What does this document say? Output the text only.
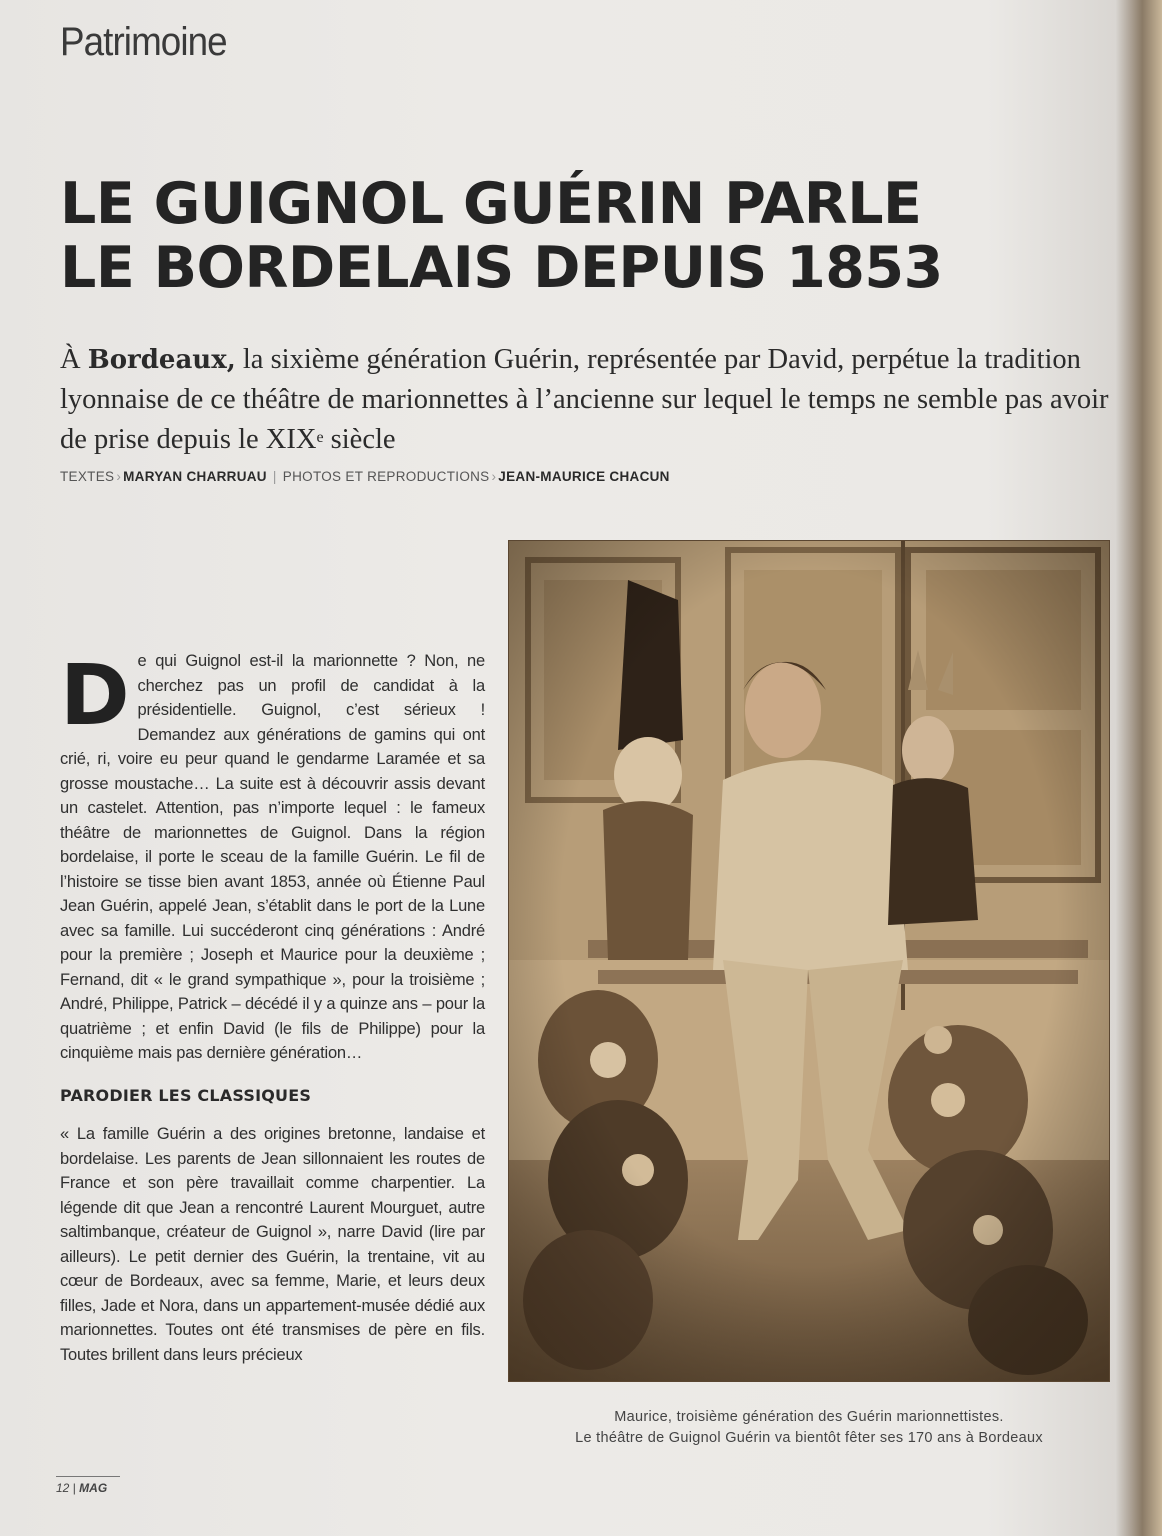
Patrimoine
LE GUIGNOL GUÉRIN PARLE
LE BORDELAIS DEPUIS 1853
À Bordeaux, la sixième génération Guérin, représentée par David, perpétue la tradition lyonnaise de ce théâtre de marionnettes à l’ancienne sur lequel le temps ne semble pas avoir de prise depuis le XIXe siècle
TEXTES › MARYAN CHARRUAU | PHOTOS ET REPRODUCTIONS › JEAN-MAURICE CHACUN
D e qui Guignol est-il la marionnette ? Non, ne cherchez pas un profil de candidat à la présidentielle. Guignol, c’est sérieux ! Demandez aux générations de gamins qui ont crié, ri, voire eu peur quand le gendarme Laramée et sa grosse moustache… La suite est à découvrir assis devant un castelet. Attention, pas n’importe lequel : le fameux théâtre de marionnettes de Guignol. Dans la région bordelaise, il porte le sceau de la famille Guérin. Le fil de l’histoire se tisse bien avant 1853, année où Étienne Paul Jean Guérin, appelé Jean, s’établit dans le port de la Lune avec sa famille. Lui succéderont cinq générations : André pour la première ; Joseph et Maurice pour la deuxième ; Fernand, dit « le grand sympathique », pour la troisième ; André, Philippe, Patrick – décédé il y a quinze ans – pour la quatrième ; et enfin David (le fils de Philippe) pour la cinquième mais pas dernière génération…

PARODIER LES CLASSIQUES

« La famille Guérin a des origines bretonne, landaise et bordelaise. Les parents de Jean sillonnaient les routes de France et son père travaillait comme charpentier. La légende dit que Jean a rencontré Laurent Mourguet, autre saltimbanque, créateur de Guignol », narre David (lire par ailleurs). Le petit dernier des Guérin, la trentaine, vit au cœur de Bordeaux, avec sa femme, Marie, et leurs deux filles, Jade et Nora, dans un appartement-musée dédié aux marionnettes. Toutes ont été transmises de père en fils. Toutes brillent dans leurs précieux

Maurice, troisième génération des Guérin marionnettistes.
Le théâtre de Guignol Guérin va bientôt fêter ses 170 ans à Bordeaux
12 | MAG
